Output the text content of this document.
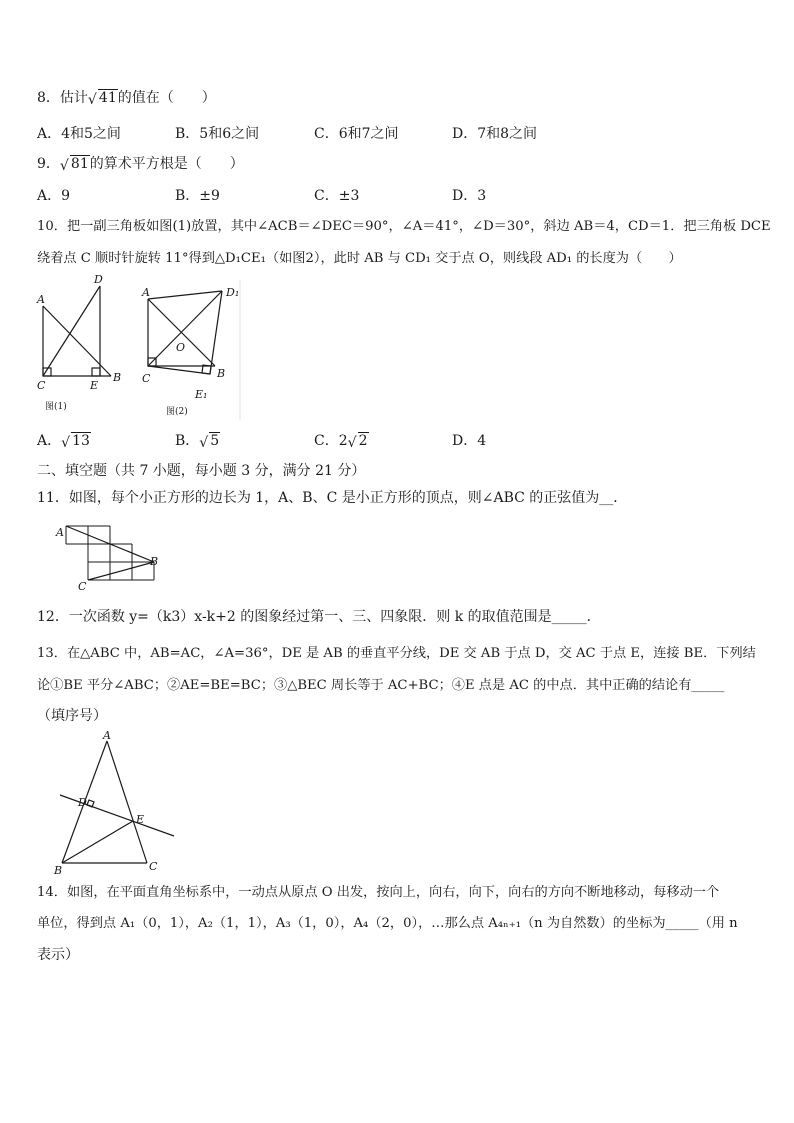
8．估计 √ 41的值在（　　）
A．4和5之间	B．5和6之间	C．6和7之间	D．7和8之间
9． √ 81的算术平方根是（　　）
A．9	B．±9	C．±3	D．3
10．把一副三角板如图(1)放置，其中∠ACB＝∠DEC＝90°，∠A＝41°，∠D＝30°，斜边 AB＝4，CD＝1．把三角板 DCE
绕着点 C 顺时针旋转 11°得到△D₁CE₁（如图2），此时 AB 与 CD₁ 交于点 O，则线段 AD₁ 的长度为（　　）
A
D
C	E
B
图(1)
A	D₁
O
C	B
E₁
图(2)
A． √ 13	B． √ 5	C．2 √ 2	D．4
二、填空题（共 7 小题，每小题 3 分，满分 21 分）
11．如图，每个小正方形的边长为 1，A、B、C 是小正方形的顶点，则∠ABC 的正弦值为__．
A
B
C
12．一次函数 y=（k3）x-k+2 的图象经过第一、三、四象限．则 k 的取值范围是_____．
13．在△ABC 中，AB=AC，∠A=36°，DE 是 AB 的垂直平分线，DE 交 AB 于点 D，交 AC 于点 E，连接 BE．下列结
论①BE 平分∠ABC；②AE=BE=BC；③△BEC 周长等于 AC+BC；④E 点是 AC 的中点．其中正确的结论有_____
（填序号）
A
D
E
B	C
14．如图，在平面直角坐标系中，一动点从原点 O 出发，按向上，向右，向下，向右的方向不断地移动，每移动一个
单位，得到点 A₁（0，1），A₂（1，1），A₃（1，0），A₄（2，0），…那么点 A₄ₙ₊₁（n 为自然数）的坐标为_____（用 n
表示）
